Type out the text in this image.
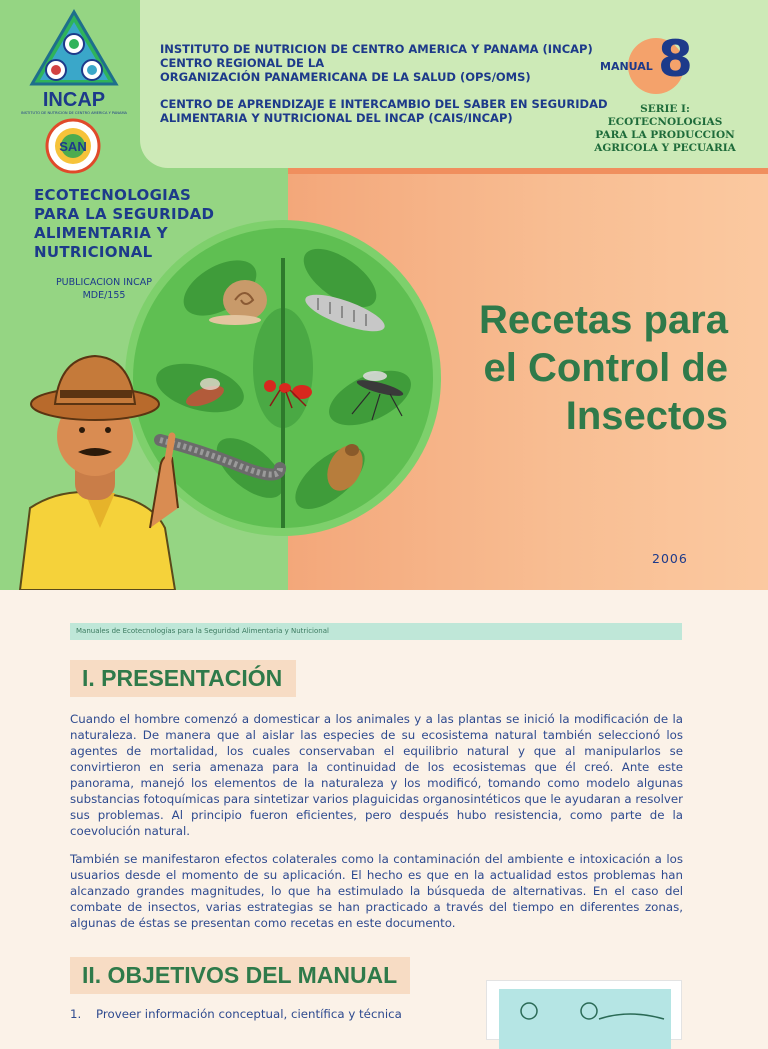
INCAP
INSTITUTO DE NUTRICION DE CENTRO AMERICA Y PANAMA
SAN
INSTITUTO DE NUTRICION DE CENTRO AMERICA Y PANAMA (INCAP)
CENTRO REGIONAL DE LA
ORGANIZACIÓN PANAMERICANA DE LA SALUD (OPS/OMS)
CENTRO DE APRENDIZAJE E INTERCAMBIO DEL SABER EN SEGURIDAD
ALIMENTARIA Y NUTRICIONAL DEL INCAP (CAIS/INCAP)
MANUAL 8
SERIE I:
ECOTECNOLOGIAS
PARA LA PRODUCCION
AGRICOLA Y PECUARIA
ECOTECNOLOGIAS
PARA LA SEGURIDAD
ALIMENTARIA Y
NUTRICIONAL
PUBLICACION INCAP
MDE/155
Recetas para
el Control de
Insectos
2006
Manuales de Ecotecnologías para la Seguridad Alimentaria y Nutricional
I. PRESENTACIÓN

Cuando el hombre comenzó a domesticar a los animales y a las plantas se inició la modificación de la naturaleza. De manera que al aislar las especies de su ecosistema natural también seleccionó los agentes de mortalidad, los cuales conservaban el equilibrio natural y que al manipularlos se convirtieron en seria amenaza para la continuidad de los ecosistemas que él creó. Ante este panorama, manejó los elementos de la naturaleza y los modificó, tomando como modelo algunas substancias fotoquímicas para sintetizar varios plaguicidas organosintéticos que le ayudaran a resolver sus problemas. Al principio fueron eficientes, pero después hubo resistencia, como parte de la coevolución natural.

También se manifestaron efectos colaterales como la contaminación del ambiente e intoxicación a los usuarios desde el momento de su aplicación. El hecho es que en la actualidad estos problemas han alcanzado grandes magnitudes, lo que ha estimulado la búsqueda de alternativas. En el caso del combate de insectos, varias estrategias se han practicado a través del tiempo en diferentes zonas, algunas de éstas se presentan como recetas en este documento.

II. OBJETIVOS DEL MANUAL
1. Proveer información conceptual, científica y técnica
